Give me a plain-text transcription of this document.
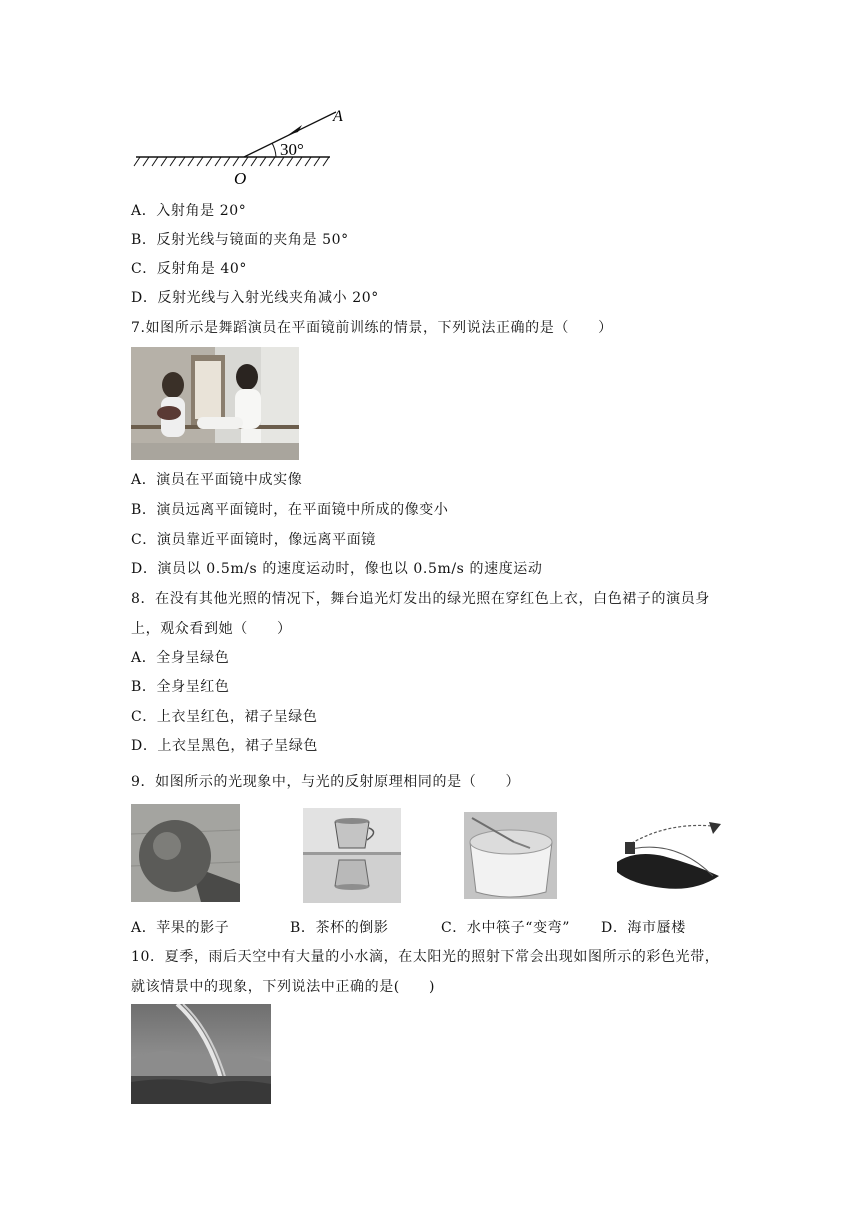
30°
A
O
A．入射角是 20°
B．反射光线与镜面的夹角是 50°
C．反射角是 40°
D．反射光线与入射光线夹角减小 20°
7.如图所示是舞蹈演员在平面镜前训练的情景，下列说法正确的是（　　）
A．演员在平面镜中成实像
B．演员远离平面镜时，在平面镜中所成的像变小
C．演员靠近平面镜时，像远离平面镜
D．演员以 0.5m/s 的速度运动时，像也以 0.5m/s 的速度运动
8．在没有其他光照的情况下，舞台追光灯发出的绿光照在穿红色上衣，白色裙子的演员身
上，观众看到她（　　）
A．全身呈绿色
B．全身呈红色
C．上衣呈红色，裙子呈绿色
D．上衣呈黑色，裙子呈绿色
9．如图所示的光现象中，与光的反射原理相同的是（　　）
A．苹果的影子	B．茶杯的倒影	C．水中筷子“变弯” D．海市蜃楼
10．夏季，雨后天空中有大量的小水滴，在太阳光的照射下常会出现如图所示的彩色光带，
就该情景中的现象，下列说法中正确的是(　　)
